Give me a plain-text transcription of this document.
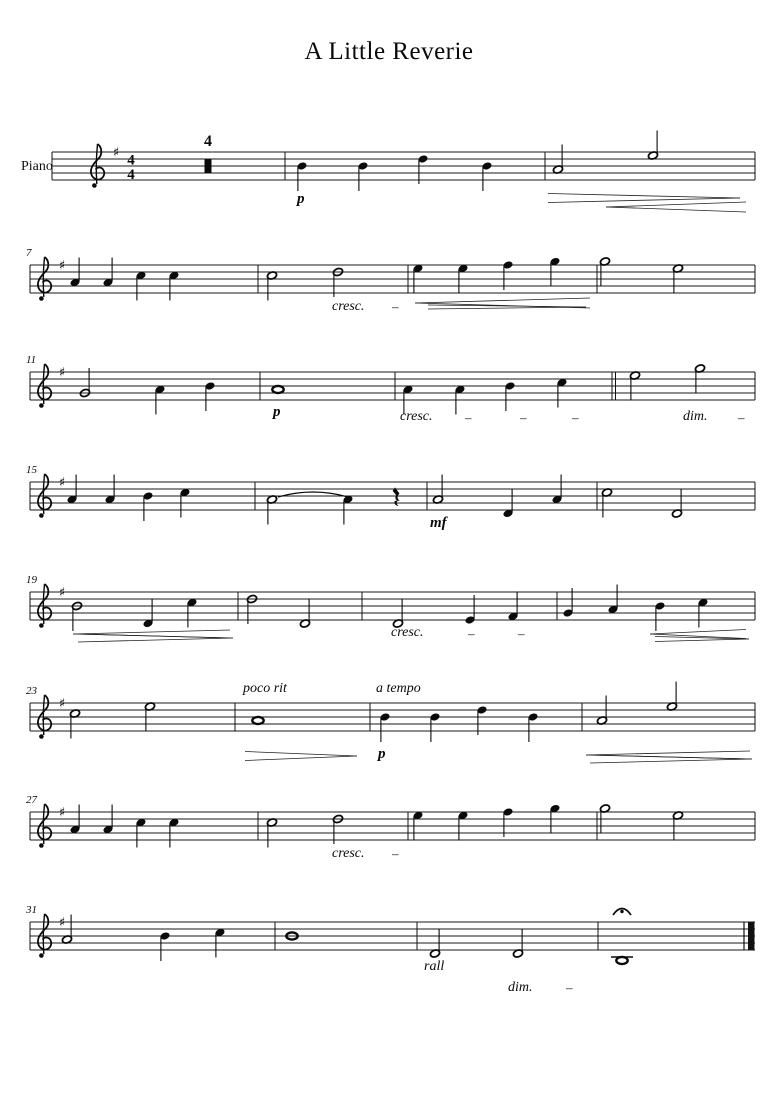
A Little Reverie
Piano
♯ 4
4
4
p
7
♯
cresc. –
11
♯
p	cresc. –	–	–	dim. –
15
♯
mf
19
♯
cresc.	–	–
23
♯
poco rit	a tempo
p
27
♯
cresc. –
31
♯
rall
dim.	–
